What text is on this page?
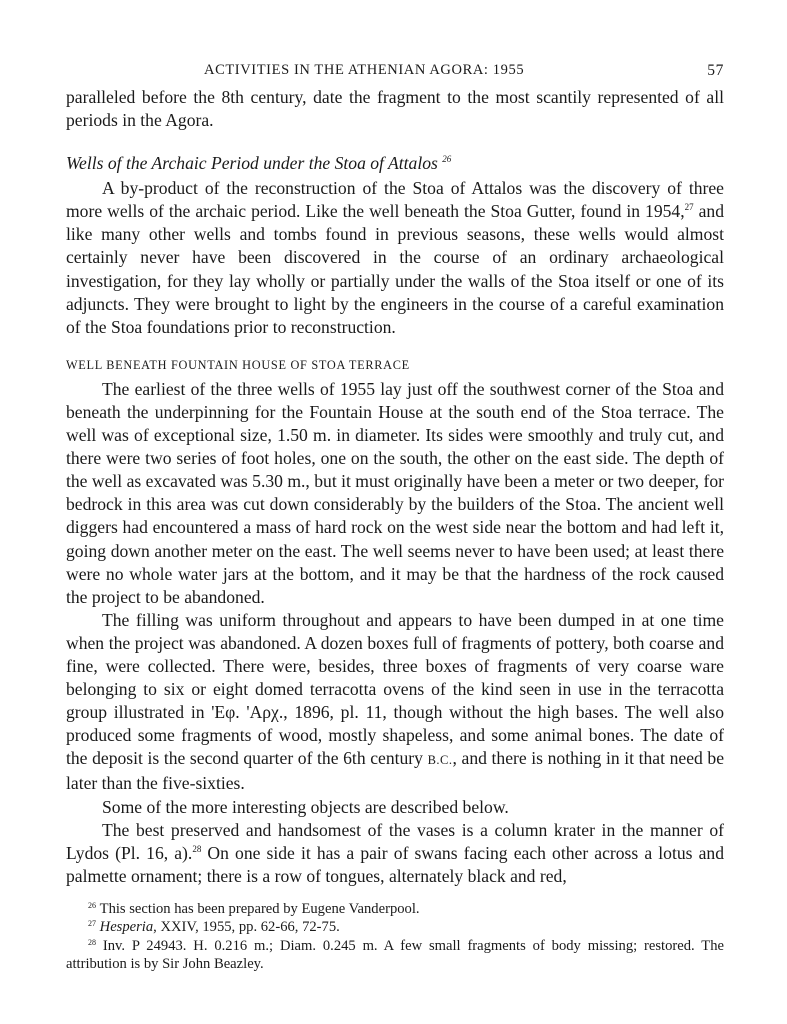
ACTIVITIES IN THE ATHENIAN AGORA: 1955	57

paralleled before the 8th century, date the fragment to the most scantily represented of all periods in the Agora.

Wells of the Archaic Period under the Stoa of Attalos $^{26}$

A by-product of the reconstruction of the Stoa of Attalos was the discovery of three more wells of the archaic period. Like the well beneath the Stoa Gutter, found in 1954,27 and like many other wells and tombs found in previous seasons, these wells would almost certainly never have been discovered in the course of an ordinary archaeological investigation, for they lay wholly or partially under the walls of the Stoa itself or one of its adjuncts. They were brought to light by the engineers in the course of a careful examination of the Stoa foundations prior to reconstruction.

WELL BENEATH FOUNTAIN HOUSE OF STOA TERRACE

The earliest of the three wells of 1955 lay just off the southwest corner of the Stoa and beneath the underpinning for the Fountain House at the south end of the Stoa terrace. The well was of exceptional size, 1.50 m. in diameter. Its sides were smoothly and truly cut, and there were two series of foot holes, one on the south, the other on the east side. The depth of the well as excavated was 5.30 m., but it must originally have been a meter or two deeper, for bedrock in this area was cut down considerably by the builders of the Stoa. The ancient well diggers had encountered a mass of hard rock on the west side near the bottom and had left it, going down another meter on the east. The well seems never to have been used; at least there were no whole water jars at the bottom, and it may be that the hardness of the rock caused the project to be abandoned.

The filling was uniform throughout and appears to have been dumped in at one time when the project was abandoned. A dozen boxes full of fragments of pottery, both coarse and fine, were collected. There were, besides, three boxes of fragments of very coarse ware belonging to six or eight domed terracotta ovens of the kind seen in use in the terracotta group illustrated in 'Eφ. 'Aρχ., 1896, pl. 11, though without the high bases. The well also produced some fragments of wood, mostly shapeless, and some animal bones. The date of the deposit is the second quarter of the 6th century B.C., and there is nothing in it that need be later than the five-sixties.

Some of the more interesting objects are described below.

The best preserved and handsomest of the vases is a column krater in the manner of Lydos (Pl. 16, a).$^{28}$ On one side it has a pair of swans facing each other across a lotus and palmette ornament; there is a row of tongues, alternately black and red,

$^{26}$ This section has been prepared by Eugene Vanderpool.
$^{27}$ Hesperia, XXIV, 1955, pp. 62-66, 72-75.
$^{28}$ Inv. P 24943. H. 0.216 m.; Diam. 0.245 m. A few small fragments of body missing; restored. The attribution is by Sir John Beazley.
